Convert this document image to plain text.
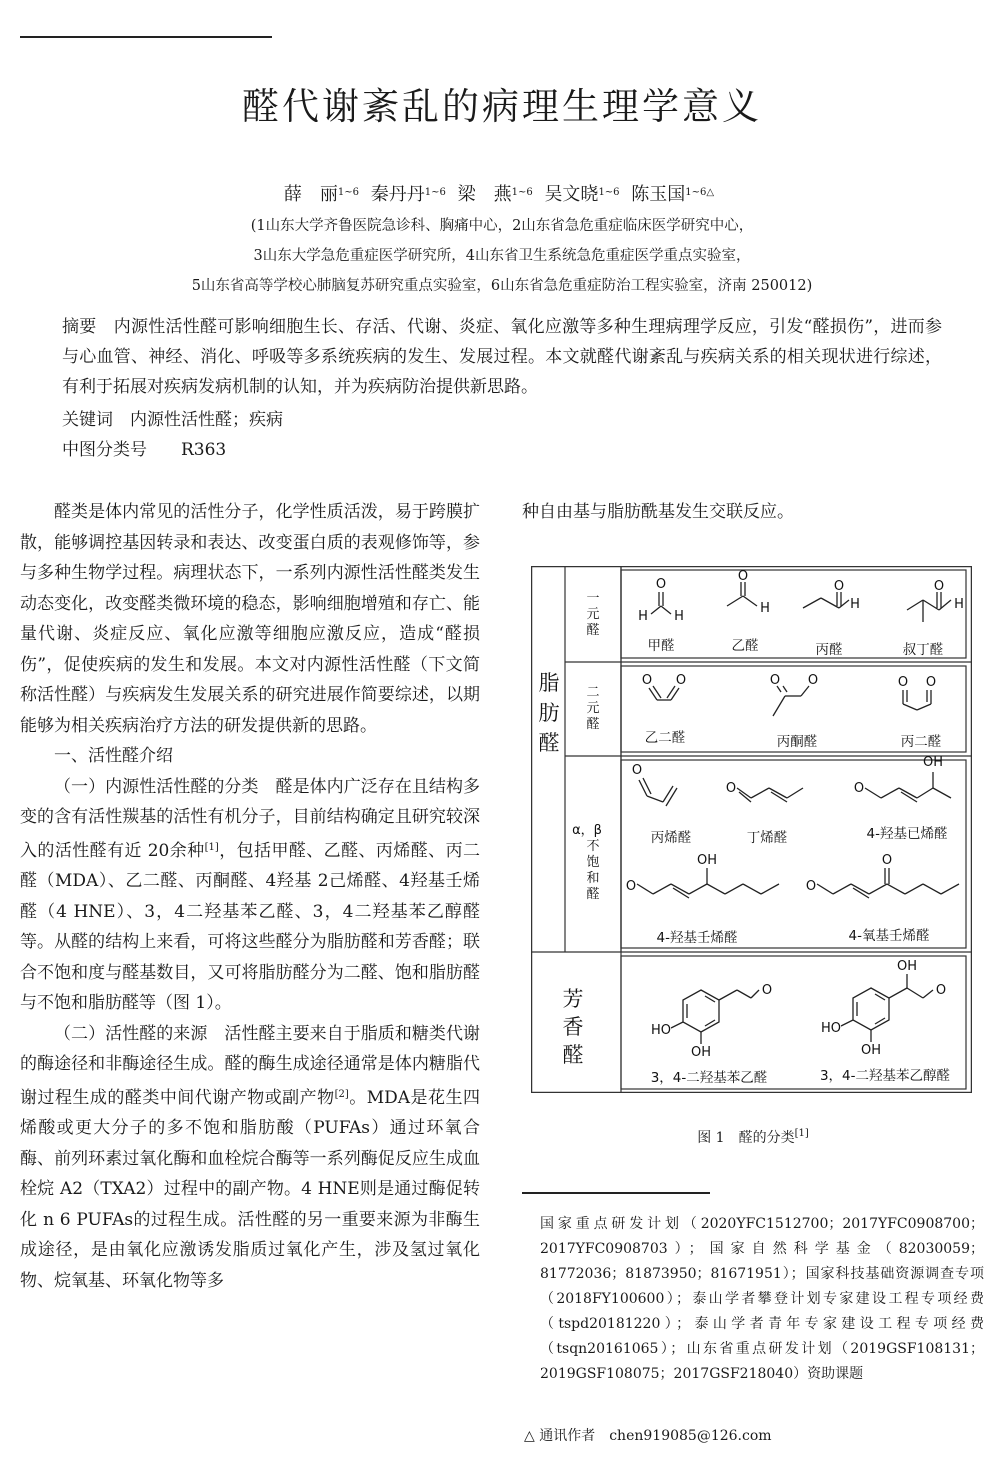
醛代谢紊乱的病理生理学意义
薛　丽$^{1\sim 6}$ 秦丹丹$^{1\sim 6}$ 梁　燕$^{1\sim 6}$ 吴文晓$^{1\sim 6}$ 陈玉国$^{1\sim 6\triangle}$
(1山东大学齐鲁医院急诊科、胸痛中心，2山东省急危重症临床医学研究中心，
3山东大学急危重症医学研究所，4山东省卫生系统急危重症医学重点实验室，
5山东省高等学校心肺脑复苏研究重点实验室，6山东省急危重症防治工程实验室，济南 250012)
摘要  内源性活性醛可影响细胞生长、存活、代谢、炎症、氧化应激等多种生理病理学反应，引发“醛损伤”，进而参与心血管、神经、消化、呼吸等多系统疾病的发生、发展过程。本文就醛代谢紊乱与疾病关系的相关现状进行综述，有利于拓展对疾病发病机制的认知，并为疾病防治提供新思路。
关键词  内源性活性醛；疾病
中图分类号   R363

醛类是体内常见的活性分子，化学性质活泼，易于跨膜扩散，能够调控基因转录和表达、改变蛋白质的表观修饰等，参与多种生物学过程。病理状态下，一系列内源性活性醛类发生动态变化，改变醛类微环境的稳态，影响细胞增殖和存亡、能量代谢、炎症反应、氧化应激等细胞应激反应，造成“醛损伤”，促使疾病的发生和发展。本文对内源性活性醛（下文简称活性醛）与疾病发生发展关系的研究进展作简要综述，以期能够为相关疾病治疗方法的研发提供新的思路。

一、活性醛介绍

（一）内源性活性醛的分类　醛是体内广泛存在且结构多变的含有活性羰基的活性有机分子，目前结构确定且研究较深入的活性醛有近 20余种[1]，包括甲醛、乙醛、丙烯醛、丙二醛（MDA）、乙二醛、丙酮醛、4羟基 2己烯醛、4羟基壬烯醛（4 HNE）、3，4二羟基苯乙醛、3，4二羟基苯乙醇醛等。从醛的结构上来看，可将这些醛分为脂肪醛和芳香醛；联合不饱和度与醛基数目，又可将脂肪醛分为二醛、饱和脂肪醛与不饱和脂肪醛等（图 1）。

（二）活性醛的来源　活性醛主要来自于脂质和糖类代谢的酶途径和非酶途径生成。醛的酶生成途径通常是体内糖脂代谢过程生成的醛类中间代谢产物或副产物[2]。MDA是花生四烯酸或更大分子的多不饱和脂肪酸（PUFAs）通过环氧合酶、前列环素过氧化酶和血栓烷合酶等一系列酶促反应生成血栓烷 A2（TXA2）过程中的副产物。4 HNE则是通过酶促转化 n 6 PUFAs的过程生成。活性醛的另一重要来源为非酶生成途径，是由氧化应激诱发脂质过氧化产生，涉及氢过氧化物、烷氧基、环氧化物等多

种自由基与脂肪酰基发生交联反应。

脂
肪
醛
芳
香
醛
一
元
醛
二
元
醛
α，β
不
饱
和
醛
O
H H
O
H
O
H
O
H
O O	O O	O O
O
O	O
OH
O
OH
O
O
O
HO
OH
OH
O
HO
OH
甲醛	乙醛	丙醛	叔丁醛
乙二醛	丙酮醛	丙二醛
丙烯醛	丁烯醛	4-羟基已烯醛
4-羟基壬烯醛	4-氧基壬烯醛
3，4-二羟基苯乙醛	3，4-二羟基苯乙醇醛
图 1　醛的分类[1]
国家重点研发计划（2020YFC1512700；2017YFC0908700；2017YFC0908703）；国家自然科学基金（82030059；81772036；81873950；81671951）；国家科技基础资源调查专项（2018FY100600）；泰山学者攀登计划专家建设工程专项经费（tspd20181220）；泰山学者青年专家建设工程专项经费（tsqn20161065）；山东省重点研发计划（2019GSF108131；2019GSF108075；2017GSF218040）资助课题
△ 通讯作者  chen919085@126.com
